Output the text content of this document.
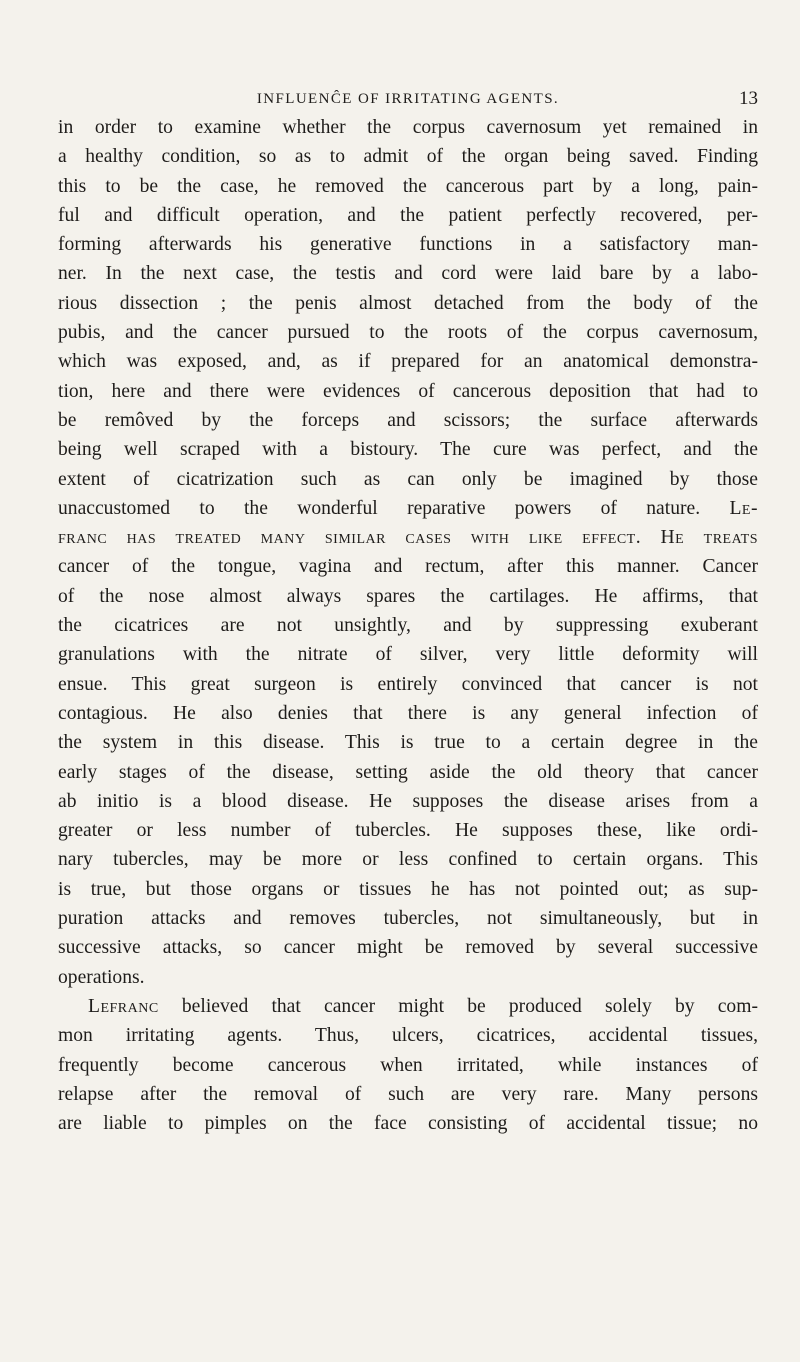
INFLUENĈE OF IRRITATING AGENTS.	13
in order to examine whether the corpus cavernosum yet remained in
a healthy condition, so as to admit of the organ being saved. Finding
this to be the case, he removed the cancerous part by a long, pain-
ful and difficult operation, and the patient perfectly recovered, per-
forming afterwards his generative functions in a satisfactory man-
ner. In the next case, the testis and cord were laid bare by a labo-
rious dissection ; the penis almost detached from the body of the
pubis, and the cancer pursued to the roots of the corpus cavernosum,
which was exposed, and, as if prepared for an anatomical demonstra-
tion, here and there were evidences of cancerous deposition that had to
be remôved by the forceps and scissors; the surface afterwards
being well scraped with a bistoury. The cure was perfect, and the
extent of cicatrization such as can only be imagined by those
unaccustomed to the wonderful reparative powers of nature. Le-
franc has treated many similar cases with like effect. He treats
cancer of the tongue, vagina and rectum, after this manner. Cancer
of the nose almost always spares the cartilages. He affirms, that
the cicatrices are not unsightly, and by suppressing exuberant
granulations with the nitrate of silver, very little deformity will
ensue. This great surgeon is entirely convinced that cancer is not
contagious. He also denies that there is any general infection of
the system in this disease. This is true to a certain degree in the
early stages of the disease, setting aside the old theory that cancer
ab initio is a blood disease. He supposes the disease arises from a
greater or less number of tubercles. He supposes these, like ordi-
nary tubercles, may be more or less confined to certain organs. This
is true, but those organs or tissues he has not pointed out; as sup-
puration attacks and removes tubercles, not simultaneously, but in
successive attacks, so cancer might be removed by several successive
operations.
Lefranc believed that cancer might be produced solely by com-
mon irritating agents. Thus, ulcers, cicatrices, accidental tissues,
frequently become cancerous when irritated, while instances of
relapse after the removal of such are very rare. Many persons
are liable to pimples on the face consisting of accidental tissue; no
